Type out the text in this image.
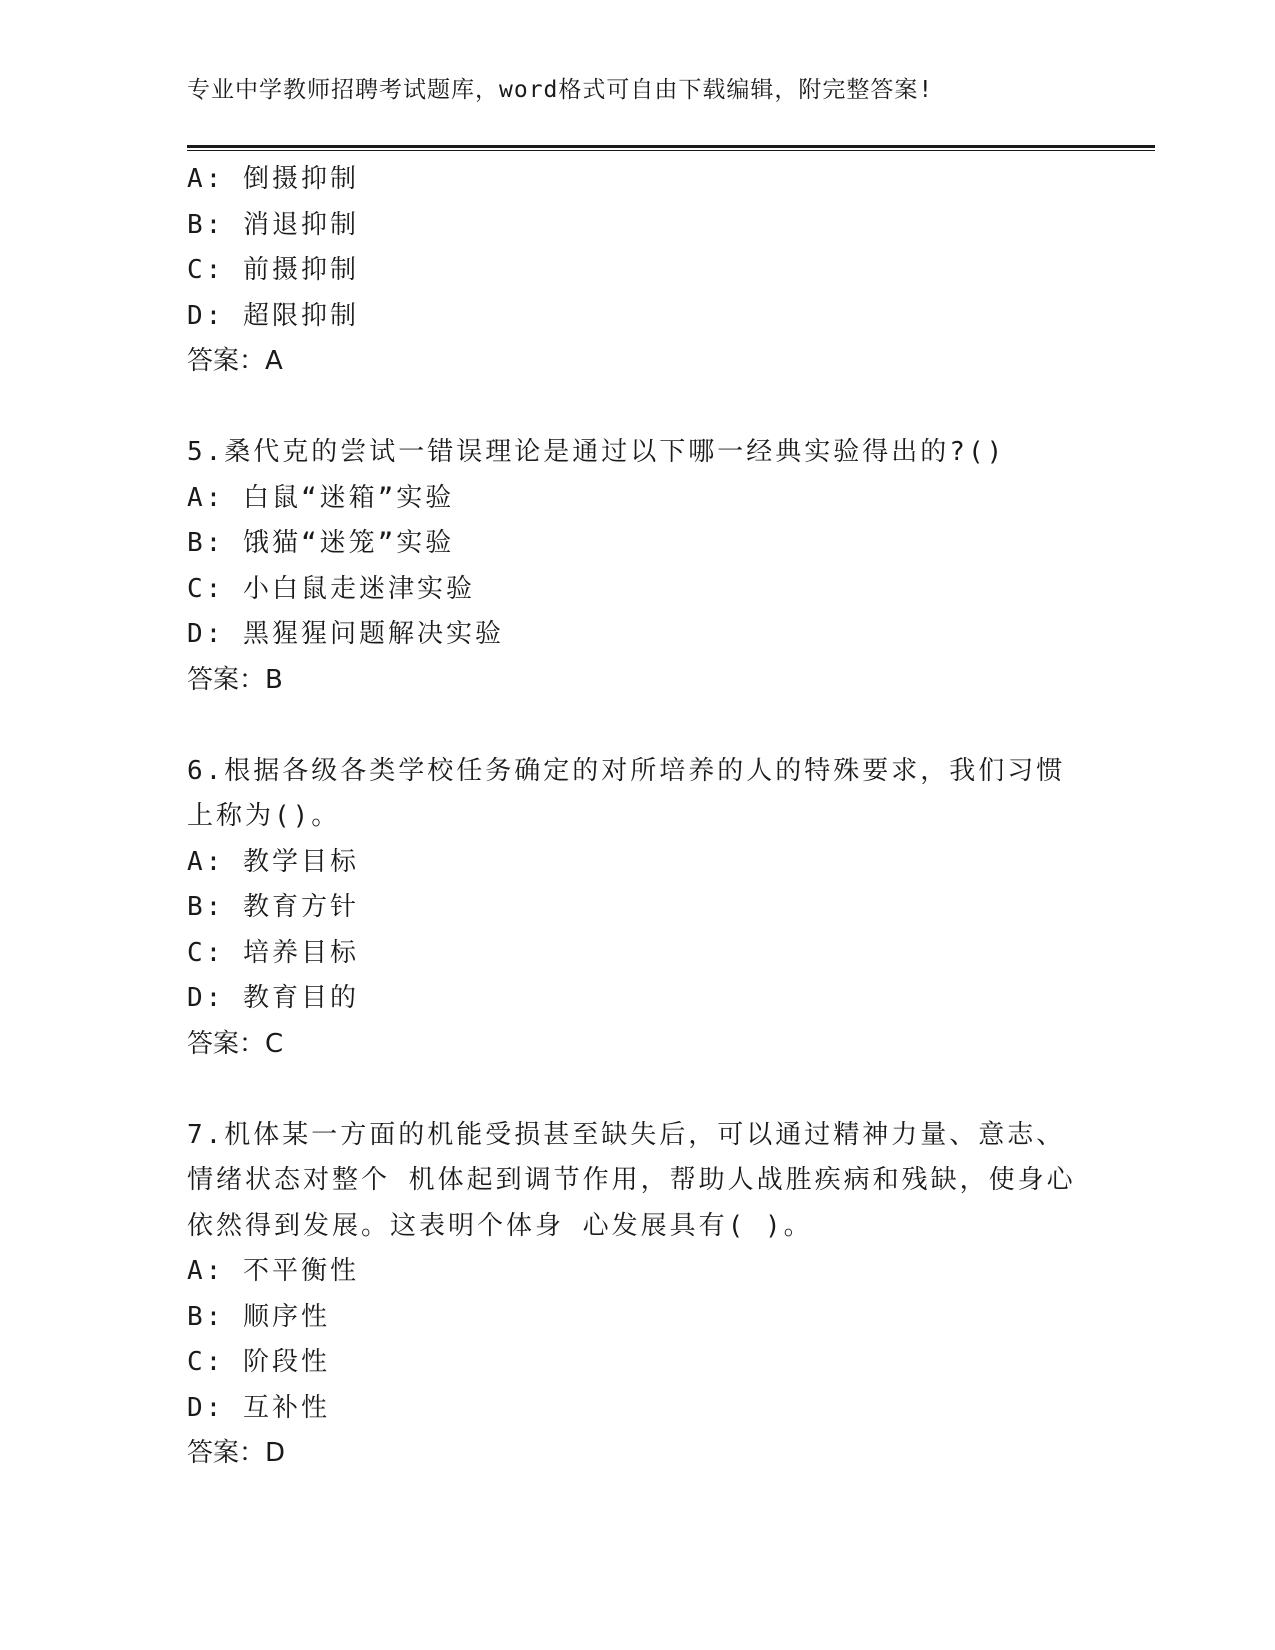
专业中学教师招聘考试题库，word格式可自由下载编辑，附完整答案!
A: 倒摄抑制
B: 消退抑制
C: 前摄抑制
D: 超限抑制
答案：A
5.桑代克的尝试一错误理论是通过以下哪一经典实验得出的?()
A: 白鼠“迷箱”实验
B: 饿猫“迷笼”实验
C: 小白鼠走迷津实验
D: 黑猩猩问题解决实验
答案：B
6.根据各级各类学校任务确定的对所培养的人的特殊要求，我们习惯
上称为()。
A: 教学目标
B: 教育方针
C: 培养目标
D: 教育目的
答案：C
7.机体某一方面的机能受损甚至缺失后，可以通过精神力量、意志、
情绪状态对整个 机体起到调节作用，帮助人战胜疾病和残缺，使身心
依然得到发展。这表明个体身 心发展具有( )。
A: 不平衡性
B: 顺序性
C: 阶段性
D: 互补性
答案：D
